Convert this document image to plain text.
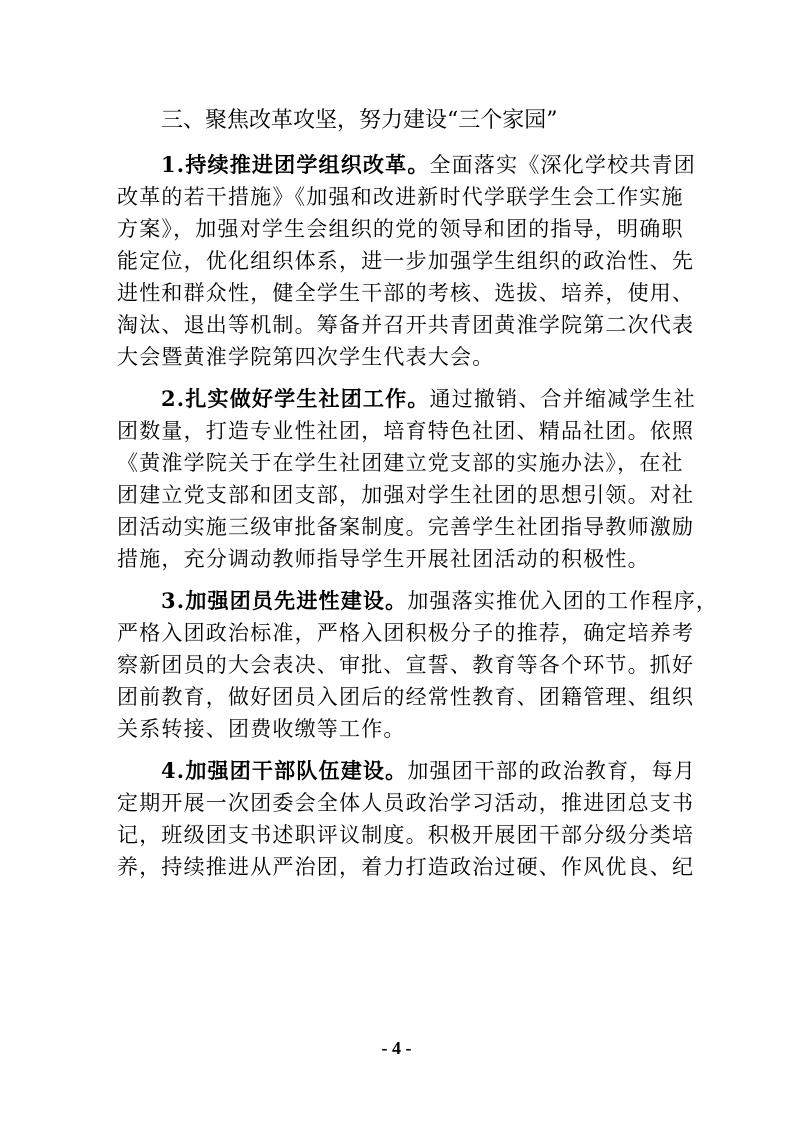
三、聚焦改革攻坚，努力建设“三个家园”
1.持续推进团学组织改革。全面落实《深化学校共青团
改革的若干措施》《加强和改进新时代学联学生会工作实施
方案》，加强对学生会组织的党的领导和团的指导，明确职
能定位，优化组织体系，进一步加强学生组织的政治性、先
进性和群众性，健全学生干部的考核、选拔、培养，使用、
淘汰、退出等机制。筹备并召开共青团黄淮学院第二次代表
大会暨黄淮学院第四次学生代表大会。
2.扎实做好学生社团工作。通过撤销、合并缩减学生社
团数量，打造专业性社团，培育特色社团、精品社团。依照
《黄淮学院关于在学生社团建立党支部的实施办法》，在社
团建立党支部和团支部，加强对学生社团的思想引领。对社
团活动实施三级审批备案制度。完善学生社团指导教师激励
措施，充分调动教师指导学生开展社团活动的积极性。
3.加强团员先进性建设。加强落实推优入团的工作程序，
严格入团政治标准，严格入团积极分子的推荐，确定培养考
察新团员的大会表决、审批、宣誓、教育等各个环节。抓好
团前教育，做好团员入团后的经常性教育、团籍管理、组织
关系转接、团费收缴等工作。
4.加强团干部队伍建设。加强团干部的政治教育，每月
定期开展一次团委会全体人员政治学习活动，推进团总支书
记，班级团支书述职评议制度。积极开展团干部分级分类培
养，持续推进从严治团，着力打造政治过硬、作风优良、纪
- 4 -
